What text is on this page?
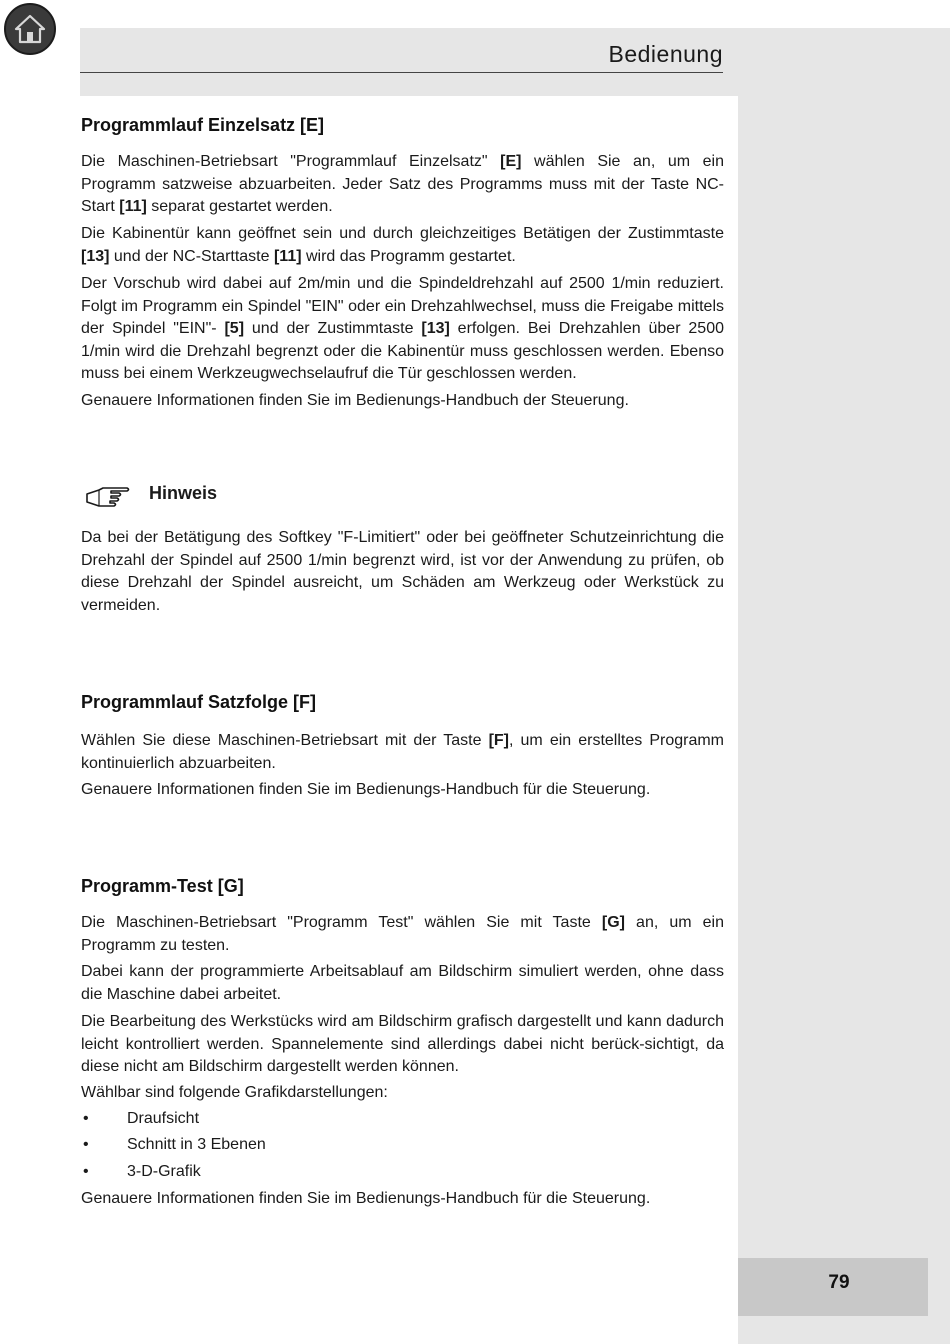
Bedienung
Programmlauf Einzelsatz [E]

Die Maschinen-Betriebsart "Programmlauf Einzelsatz" [E] wählen Sie an, um ein Programm satzweise abzuarbeiten. Jeder Satz des Programms muss mit der Taste NC-Start [11] separat gestartet werden.

Die Kabinentür kann geöffnet sein und durch gleichzeitiges Betätigen der Zustimmtaste [13] und der NC-Starttaste [11] wird das Programm gestartet.

Der Vorschub wird dabei auf 2m/min und die Spindeldrehzahl auf 2500 1/min reduziert. Folgt im Programm ein Spindel "EIN" oder ein Drehzahlwechsel, muss die Freigabe mittels der Spindel "EIN"- [5] und der Zustimmtaste [13] erfolgen. Bei Drehzahlen über 2500 1/min wird die Drehzahl begrenzt oder die Kabinentür muss geschlossen werden. Ebenso muss bei einem Werkzeugwechselaufruf die Tür geschlossen werden.

Genauere Informationen finden Sie im Bedienungs-Handbuch der Steuerung.

Da bei der Betätigung des Softkey "F-Limitiert" oder bei geöffneter Schutzeinrichtung die Drehzahl der Spindel auf 2500 1/min begrenzt wird, ist vor der Anwendung zu prüfen, ob diese Drehzahl der Spindel ausreicht, um Schäden am Werkzeug oder Werkstück zu vermeiden.

Programmlauf Satzfolge [F]

Wählen Sie diese Maschinen-Betriebsart mit der Taste [F], um ein erstelltes Programm kontinuierlich abzuarbeiten.

Genauere Informationen finden Sie im Bedienungs-Handbuch für die Steuerung.

Programm-Test [G]

Die Maschinen-Betriebsart "Programm Test" wählen Sie mit Taste [G] an, um ein Programm zu testen.

Dabei kann der programmierte Arbeitsablauf am Bildschirm simuliert werden, ohne dass die Maschine dabei arbeitet.

Die Bearbeitung des Werkstücks wird am Bildschirm grafisch dargestellt und kann dadurch leicht kontrolliert werden. Spannelemente sind allerdings dabei nicht berück-sichtigt, da diese nicht am Bildschirm dargestellt werden können.

Wählbar sind folgende Grafikdarstellungen:

• Draufsicht
• Schnitt in 3 Ebenen
• 3-D-Grafik

Genauere Informationen finden Sie im Bedienungs-Handbuch für die Steuerung.

Hinweis
79
